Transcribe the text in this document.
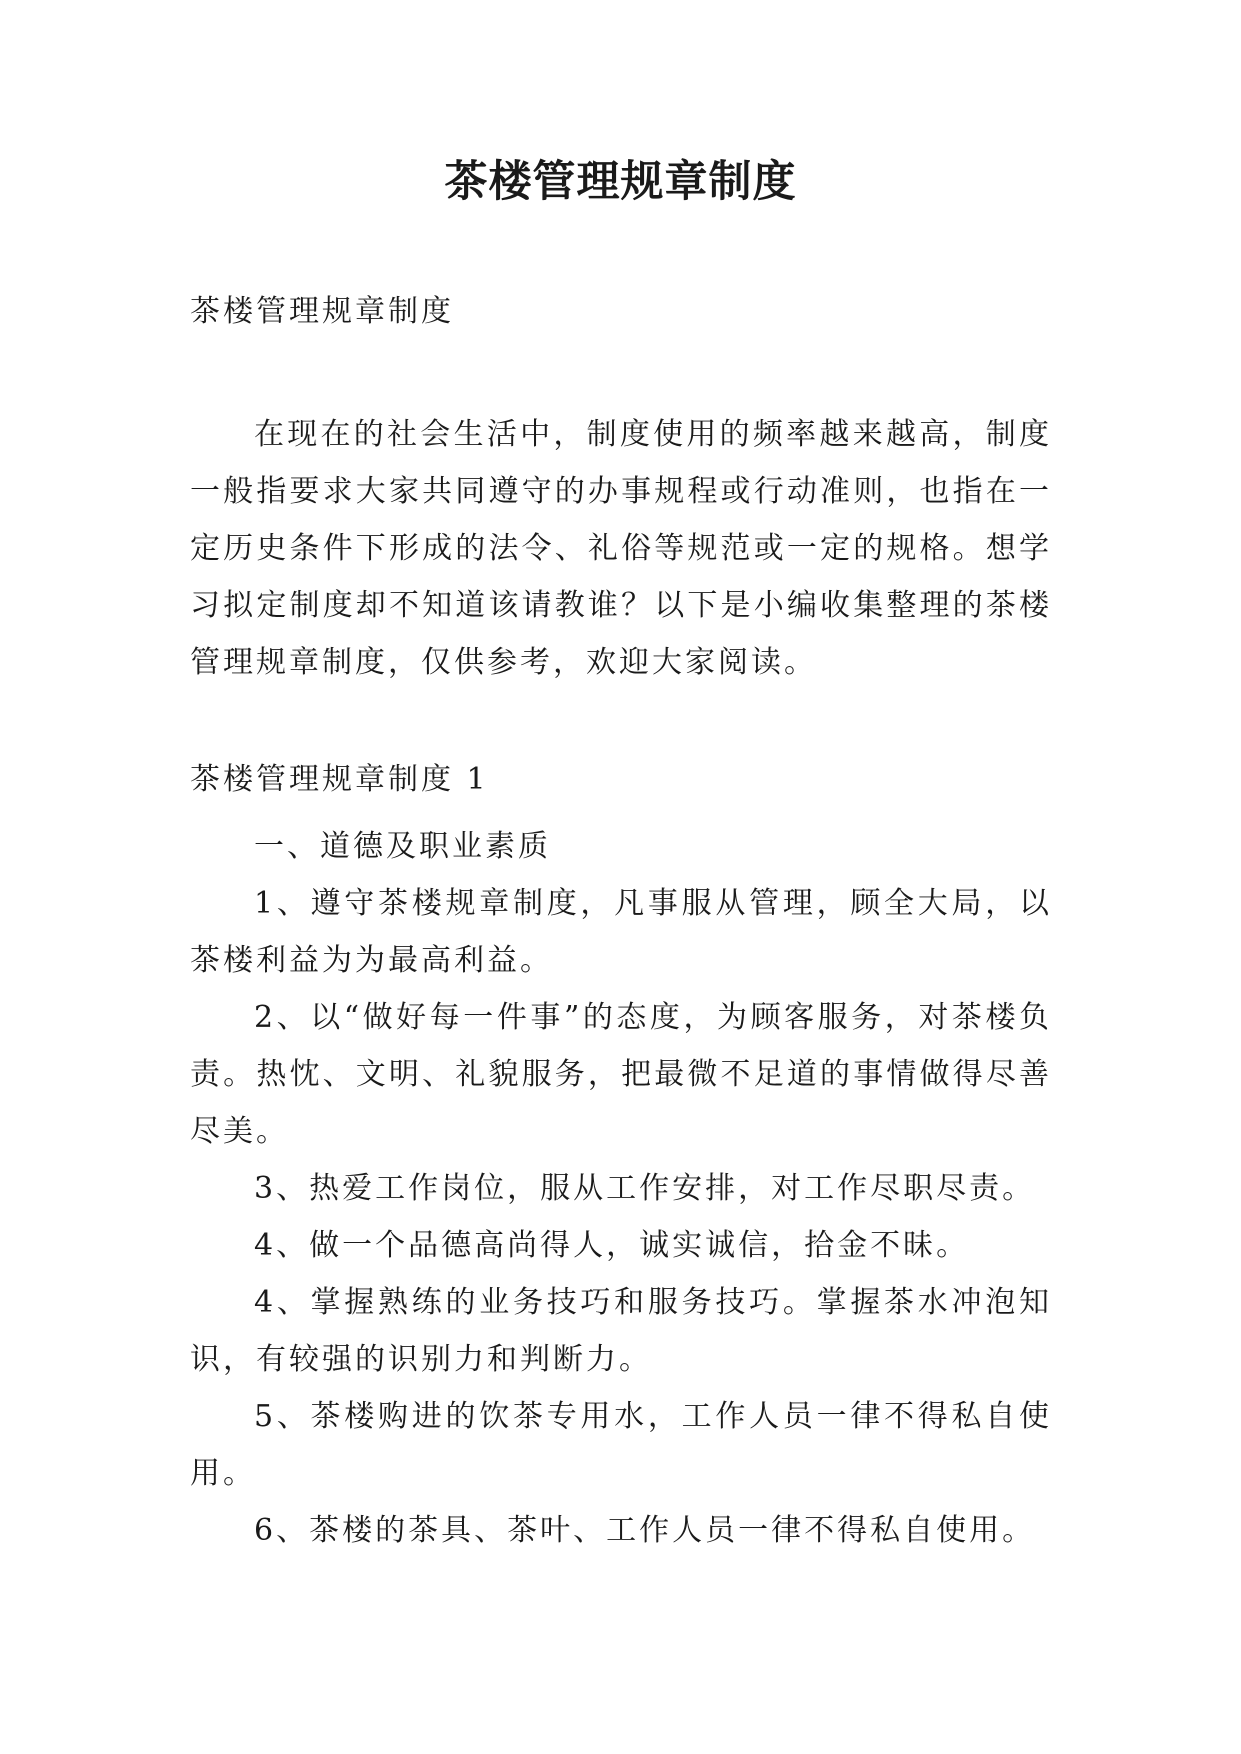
茶楼管理规章制度

茶楼管理规章制度

在现在的社会生活中，制度使用的频率越来越高，制度一般指要求大家共同遵守的办事规程或行动准则，也指在一定历史条件下形成的法令、礼俗等规范或一定的规格。想学习拟定制度却不知道该请教谁？以下是小编收集整理的茶楼管理规章制度，仅供参考，欢迎大家阅读。

茶楼管理规章制度 1

一、道德及职业素质

1、遵守茶楼规章制度，凡事服从管理，顾全大局，以茶楼利益为为最高利益。

2、以“做好每一件事”的态度，为顾客服务，对茶楼负责。热忱、文明、礼貌服务，把最微不足道的事情做得尽善尽美。

3、热爱工作岗位，服从工作安排，对工作尽职尽责。

4、做一个品德高尚得人，诚实诚信，拾金不昧。

4、掌握熟练的业务技巧和服务技巧。掌握茶水冲泡知识，有较强的识别力和判断力。

5、茶楼购进的饮茶专用水，工作人员一律不得私自使用。

6、茶楼的茶具、茶叶、工作人员一律不得私自使用。
